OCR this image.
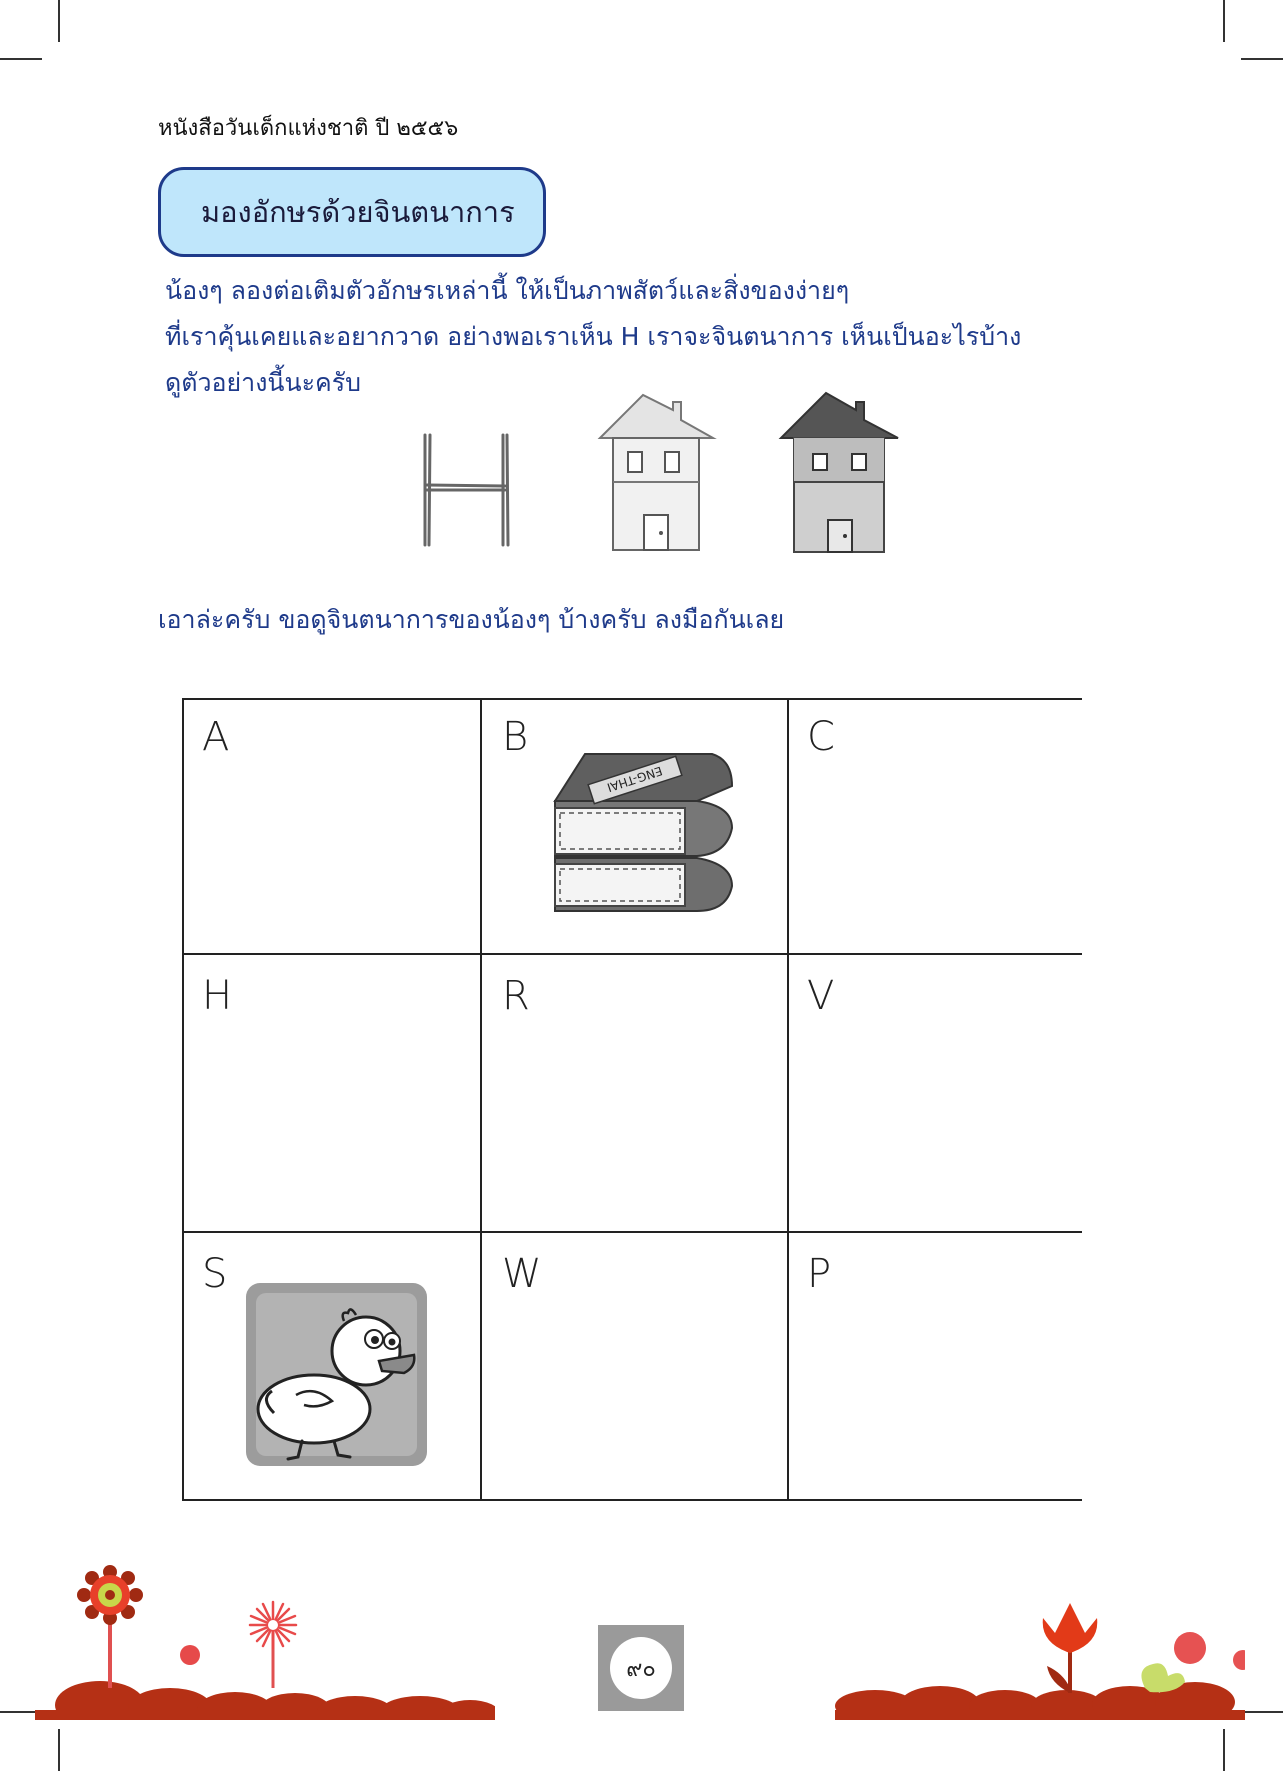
หนังสือวันเด็กแห่งชาติ ปี ๒๕๕๖
มองอักษรด้วยจินตนาการ
น้องๆ ลองต่อเติมตัวอักษรเหล่านี้ ให้เป็นภาพสัตว์และสิ่งของง่ายๆ
ที่เราคุ้นเคยและอยากวาด อย่างพอเราเห็น H เราจะจินตนาการ เห็นเป็นอะไรบ้าง
ดูตัวอย่างนี้นะครับ
เอาล่ะครับ ขอดูจินตนาการของน้องๆ บ้างครับ ลงมือกันเลย
A	B	C
H	R	V
S	W	P
ENG-THAI
๙๐
